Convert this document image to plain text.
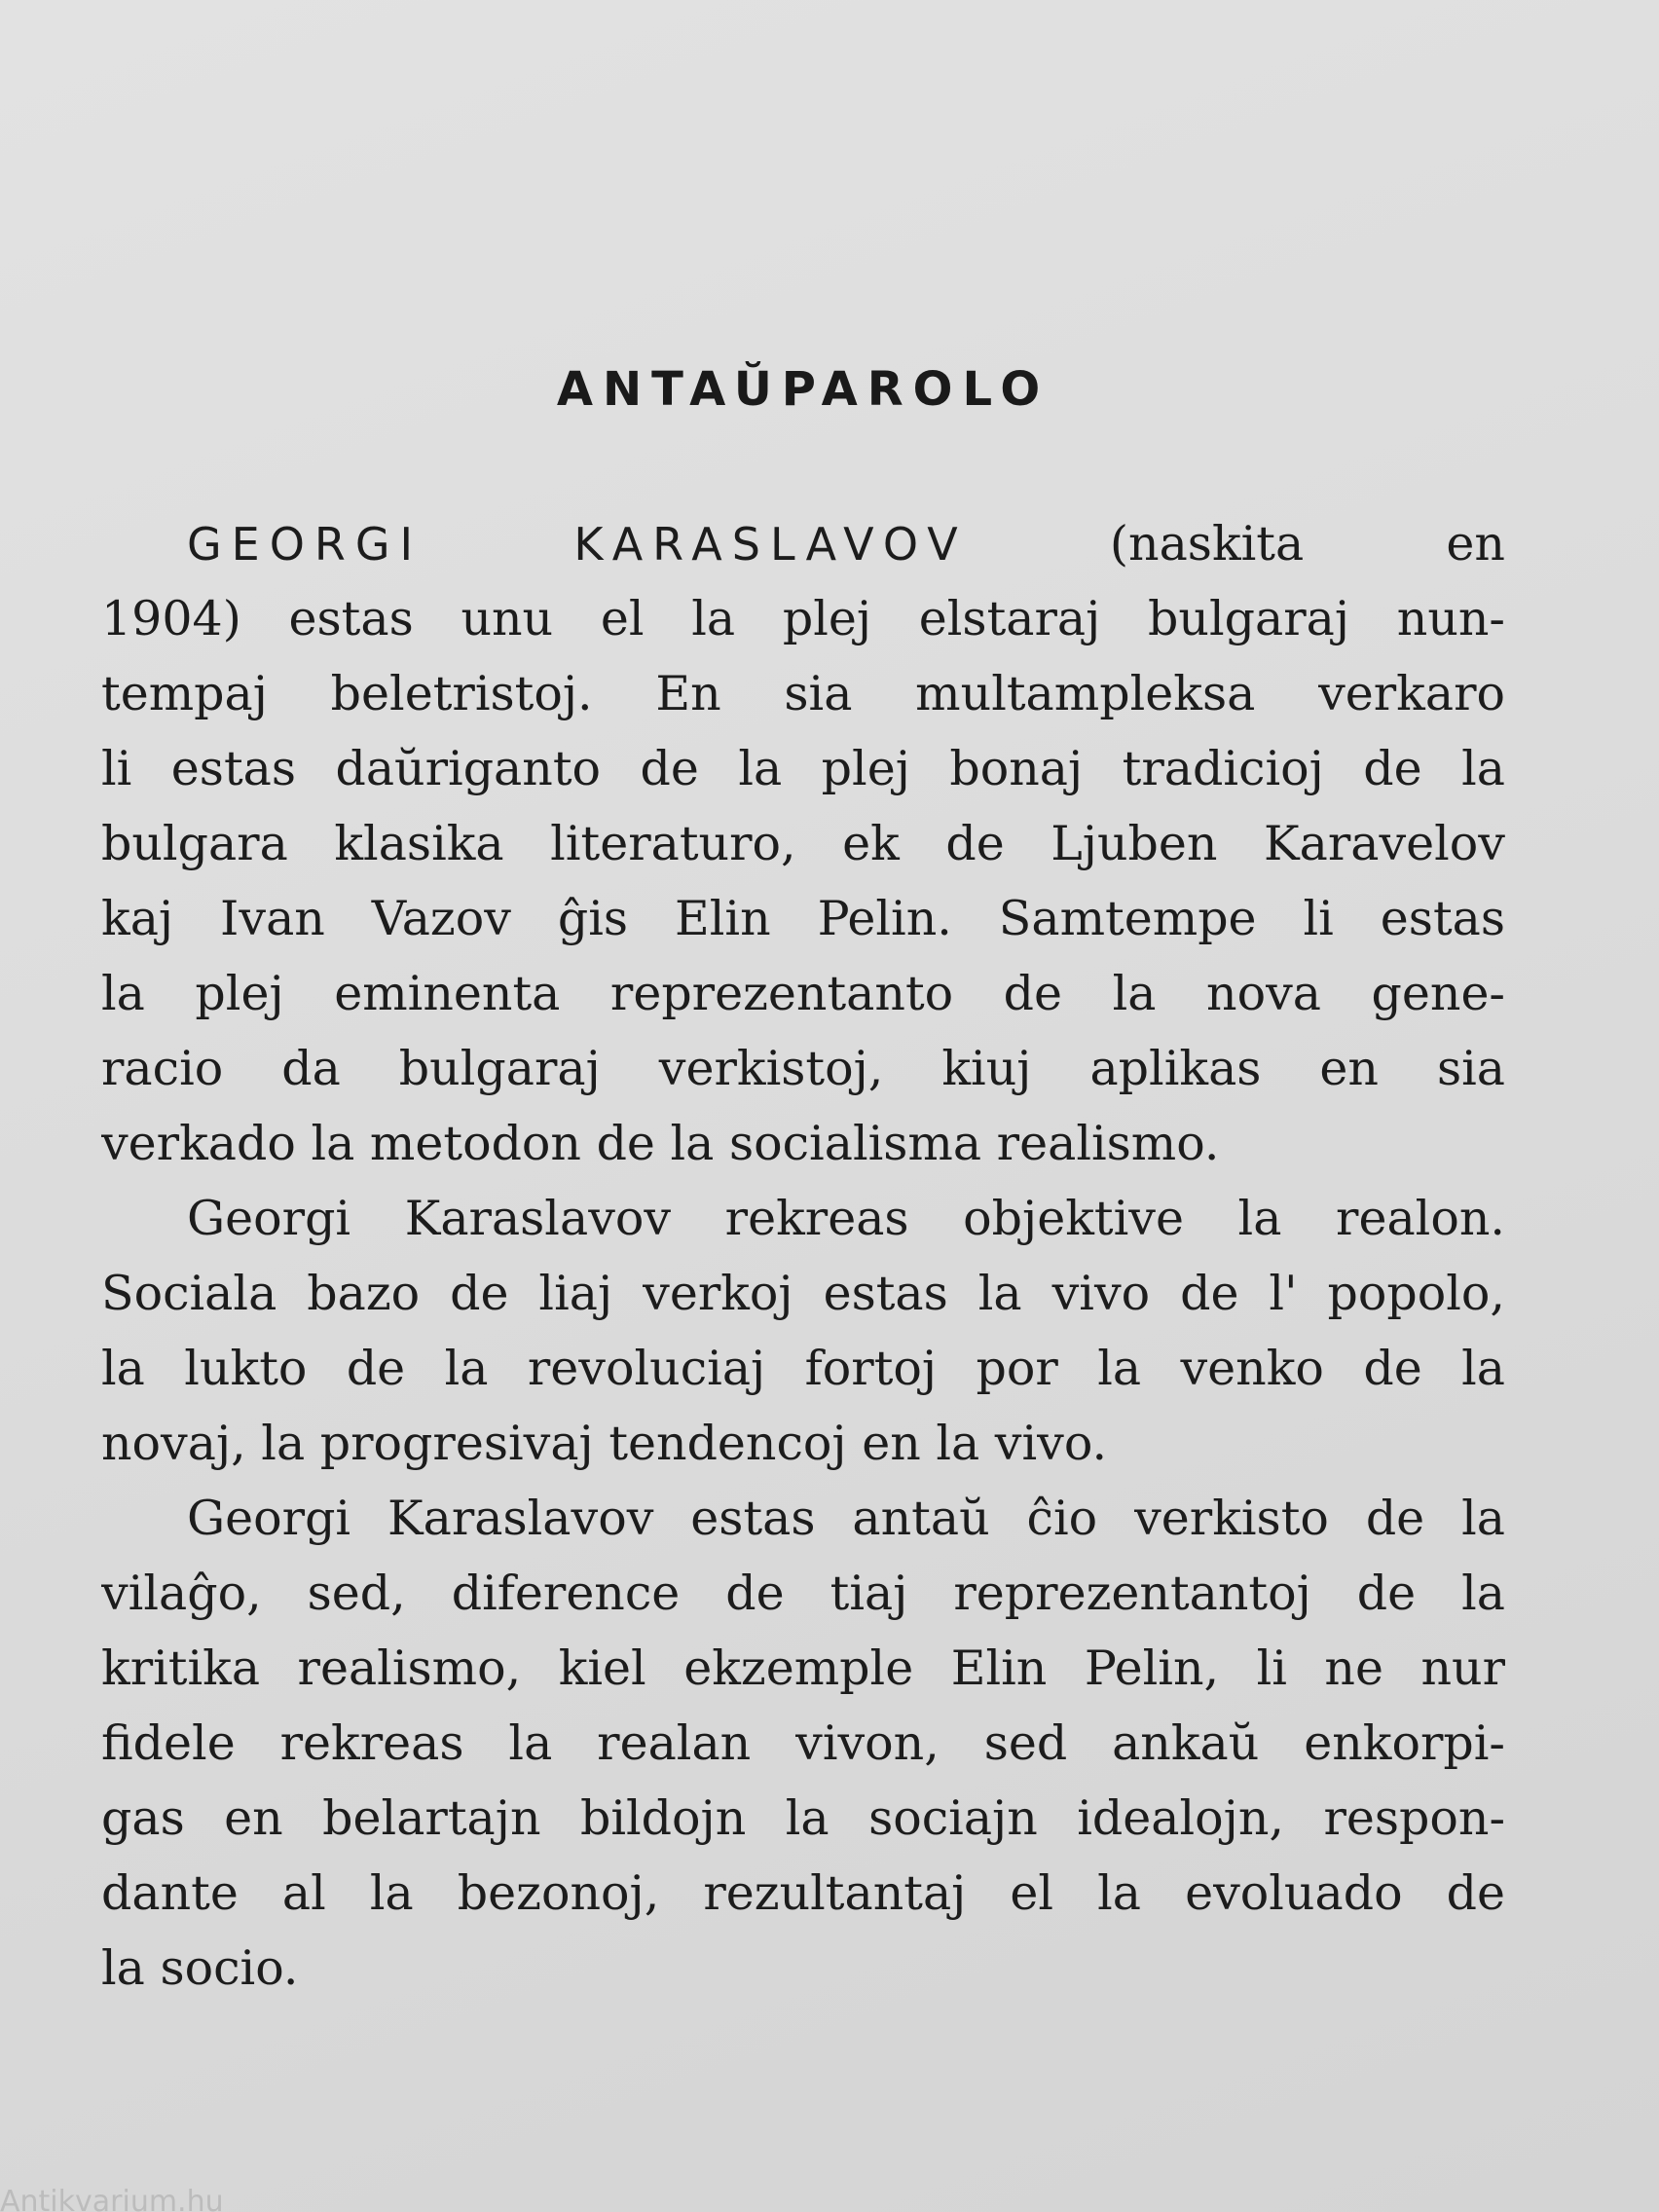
ANTAŬPAROLO
GEORGI KARASLAVOV (naskita en
1904) estas unu el la plej elstaraj bulgaraj nun-
tempaj beletristoj. En sia multampleksa verkaro
li estas daŭriganto de la plej bonaj tradicioj de la
bulgara klasika literaturo, ek de Ljuben Karavelov
kaj Ivan Vazov ĝis Elin Pelin. Samtempe li estas
la plej eminenta reprezentanto de la nova gene-
racio da bulgaraj verkistoj, kiuj aplikas en sia
verkado la metodon de la socialisma realismo.
Georgi Karaslavov rekreas objektive la realon.
Sociala bazo de liaj verkoj estas la vivo de l' popolo,
la lukto de la revoluciaj fortoj por la venko de la
novaj, la progresivaj tendencoj en la vivo.
Georgi Karaslavov estas antaŭ ĉio verkisto de la
vilaĝo, sed, diference de tiaj reprezentantoj de la
kritika realismo, kiel ekzemple Elin Pelin, li ne nur
fidele rekreas la realan vivon, sed ankaŭ enkorpi-
gas en belartajn bildojn la sociajn idealojn, respon-
dante al la bezonoj, rezultantaj el la evoluado de
la socio.
Antikvarium.hu
